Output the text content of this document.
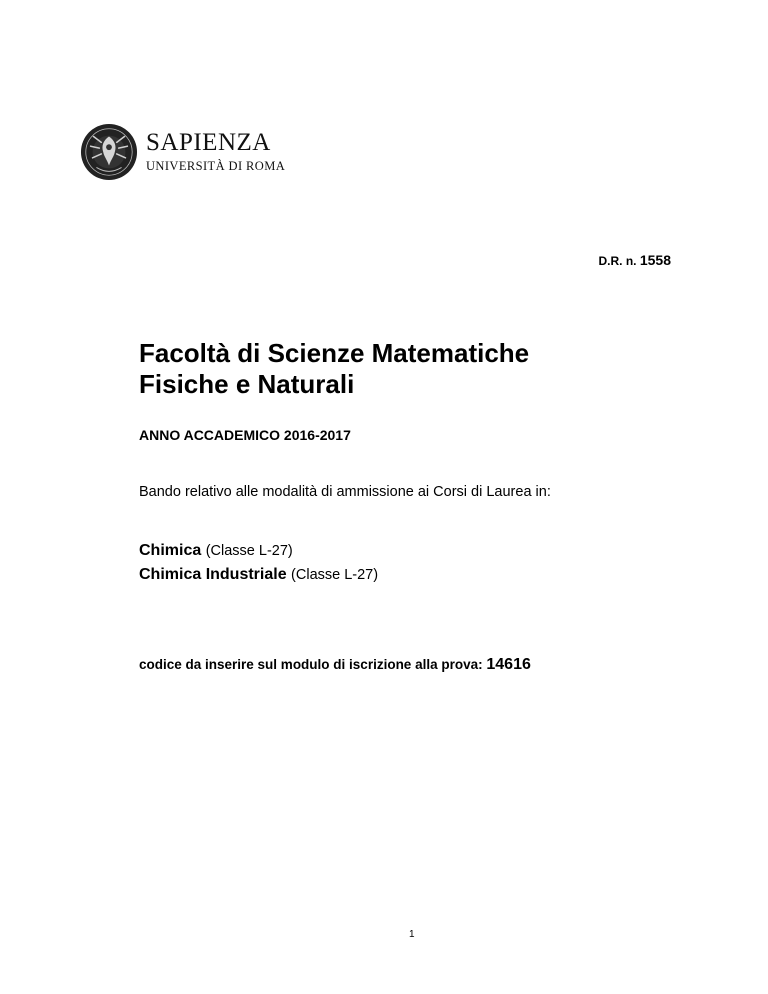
SAPIENZA
UNIVERSITÀ DI ROMA
D.R. n. 1558
Facoltà di Scienze Matematiche
Fisiche e Naturali
ANNO ACCADEMICO 2016-2017
Bando relativo alle modalità di ammissione ai Corsi di Laurea in:
Chimica (Classe L-27)
Chimica Industriale (Classe L-27)
codice da inserire sul modulo di iscrizione alla prova: 14616
1
